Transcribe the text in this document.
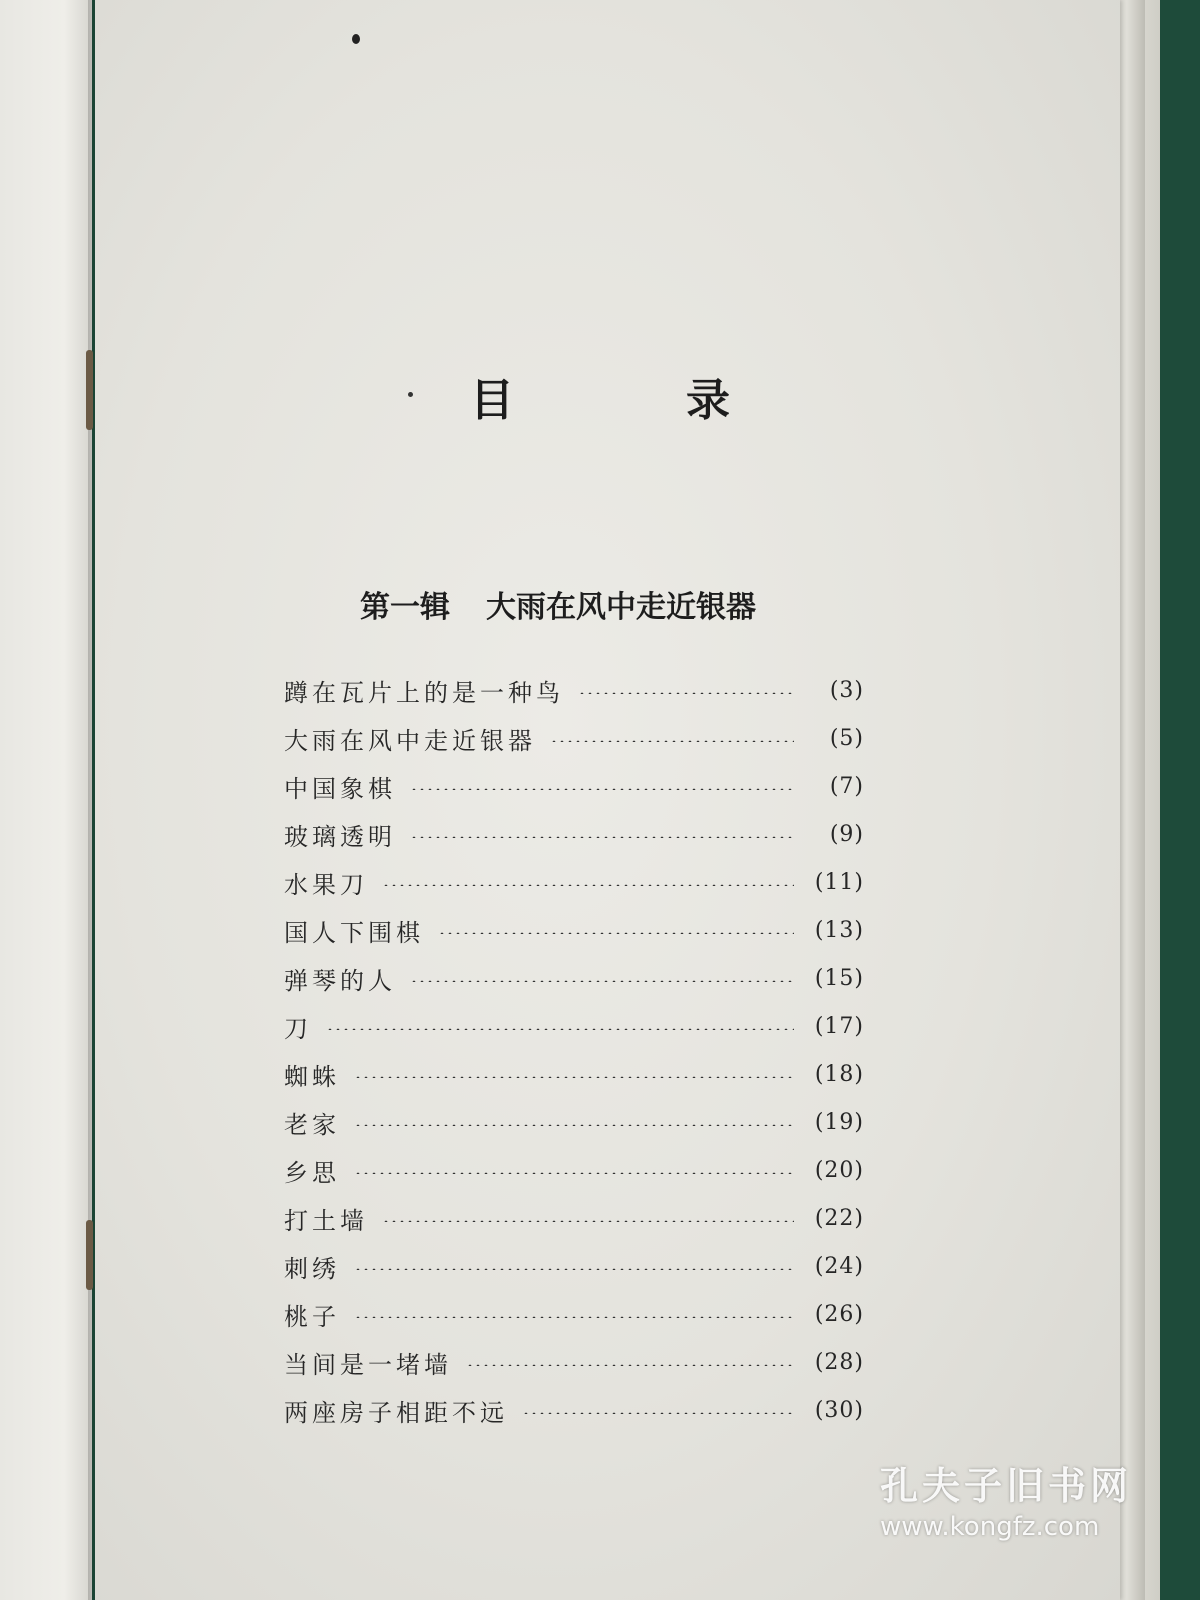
目	录
第一辑 大雨在风中走近银器
蹲在瓦片上的是一种鸟	(3)
大雨在风中走近银器	(5)
中国象棋	(7)
玻璃透明	(9)
水果刀	(11)
国人下围棋	(13)
弹琴的人	(15)
刀	(17)
蜘蛛	(18)
老家	(19)
乡思	(20)
打土墙	(22)
刺绣	(24)
桃子	(26)
当间是一堵墙	(28)
两座房子相距不远	(30)
孔夫子旧书网
www.kongfz.com
